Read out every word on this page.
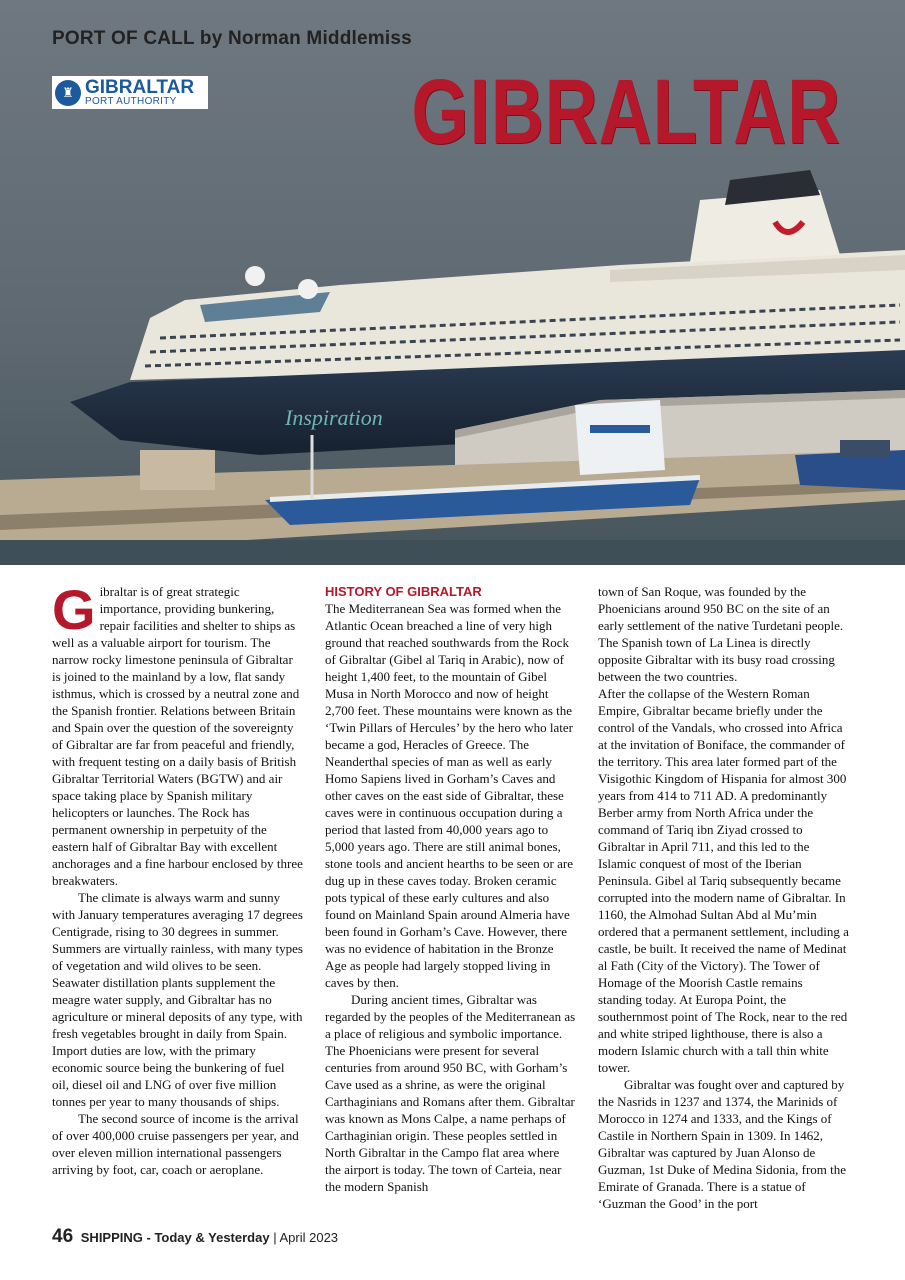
Inspiration
PORT OF CALL by Norman Middlemiss
♜ GIBRALTAR
PORT AUTHORITY	GIBRALTAR

Gibraltar is of great strategic importance, providing bunkering, repair facilities and shelter to ships as well as a valuable airport for tourism. The narrow rocky limestone peninsula of Gibraltar is joined to the mainland by a low, flat sandy isthmus, which is crossed by a neutral zone and the Spanish frontier. Relations between Britain and Spain over the question of the sovereignty of Gibraltar are far from peaceful and friendly, with frequent testing on a daily basis of British Gibraltar Territorial Waters (BGTW) and air space taking place by Spanish military helicopters or launches. The Rock has permanent ownership in perpetuity of the eastern half of Gibraltar Bay with excellent anchorages and a fine harbour enclosed by three breakwaters.

The climate is always warm and sunny with January temperatures averaging 17 degrees Centigrade, rising to 30 degrees in summer. Summers are virtually rainless, with many types of vegetation and wild olives to be seen. Seawater distillation plants supplement the meagre water supply, and Gibraltar has no agriculture or mineral deposits of any type, with fresh vegetables brought in daily from Spain. Import duties are low, with the primary economic source being the bunkering of fuel oil, diesel oil and LNG of over five million tonnes per year to many thousands of ships.

The second source of income is the arrival of over 400,000 cruise passengers per year, and over eleven million international passengers arriving by foot, car, coach or aeroplane.

HISTORY OF GIBRALTAR

The Mediterranean Sea was formed when the Atlantic Ocean breached a line of very high ground that reached southwards from the Rock of Gibraltar (Gibel al Tariq in Arabic), now of height 1,400 feet, to the mountain of Gibel Musa in North Morocco and now of height 2,700 feet. These mountains were known as the ‘Twin Pillars of Hercules’ by the hero who later became a god, Heracles of Greece. The Neanderthal species of man as well as early Homo Sapiens lived in Gorham’s Caves and other caves on the east side of Gibraltar, these caves were in continuous occupation during a period that lasted from 40,000 years ago to 5,000 years ago. There are still animal bones, stone tools and ancient hearths to be seen or are dug up in these caves today. Broken ceramic pots typical of these early cultures and also found on Mainland Spain around Almeria have been found in Gorham’s Cave. However, there was no evidence of habitation in the Bronze Age as people had largely stopped living in caves by then.

During ancient times, Gibraltar was regarded by the peoples of the Mediterranean as a place of religious and symbolic importance. The Phoenicians were present for several centuries from around 950 BC, with Gorham’s Cave used as a shrine, as were the original Carthaginians and Romans after them. Gibraltar was known as Mons Calpe, a name perhaps of Carthaginian origin. These peoples settled in North Gibraltar in the Campo flat area where the airport is today. The town of Carteia, near the modern Spanish

town of San Roque, was founded by the Phoenicians around 950 BC on the site of an early settlement of the native Turdetani people. The Spanish town of La Linea is directly opposite Gibraltar with its busy road crossing between the two countries.

After the collapse of the Western Roman Empire, Gibraltar became briefly under the control of the Vandals, who crossed into Africa at the invitation of Boniface, the commander of the territory. This area later formed part of the Visigothic Kingdom of Hispania for almost 300 years from 414 to 711 AD. A predominantly Berber army from North Africa under the command of Tariq ibn Ziyad crossed to Gibraltar in April 711, and this led to the Islamic conquest of most of the Iberian Peninsula. Gibel al Tariq subsequently became corrupted into the modern name of Gibraltar. In 1160, the Almohad Sultan Abd al Mu’min ordered that a permanent settlement, including a castle, be built. It received the name of Medinat al Fath (City of the Victory). The Tower of Homage of the Moorish Castle remains standing today. At Europa Point, the southernmost point of The Rock, near to the red and white striped lighthouse, there is also a modern Islamic church with a tall thin white tower.

Gibraltar was fought over and captured by the Nasrids in 1237 and 1374, the Marinids of Morocco in 1274 and 1333, and the Kings of Castile in Northern Spain in 1309. In 1462, Gibraltar was captured by Juan Alonso de Guzman, 1st Duke of Medina Sidonia, from the Emirate of Granada. There is a statue of ‘Guzman the Good’ in the port

46 SHIPPING - Today & Yesterday | April 2023
